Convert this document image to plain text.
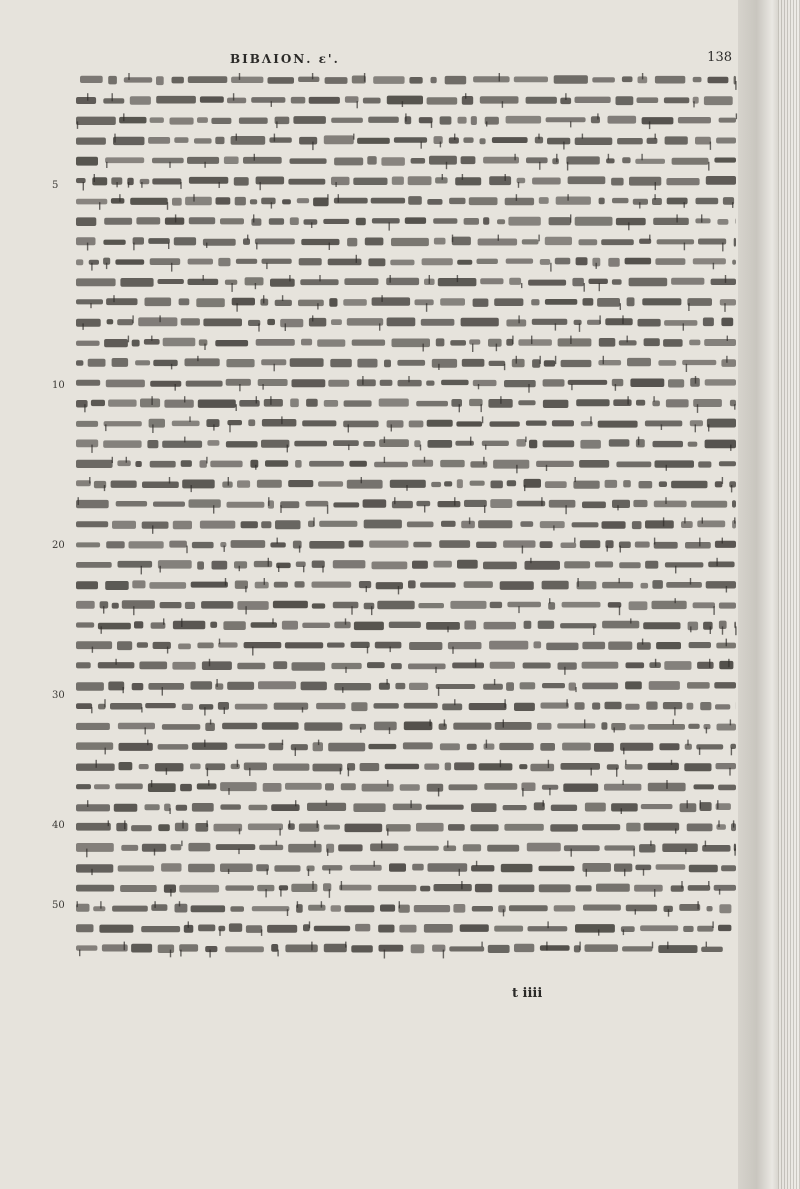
ΒΙΒΛΙΟΝ. ε'.	138
5
10
20
30
40
50
t iiii
